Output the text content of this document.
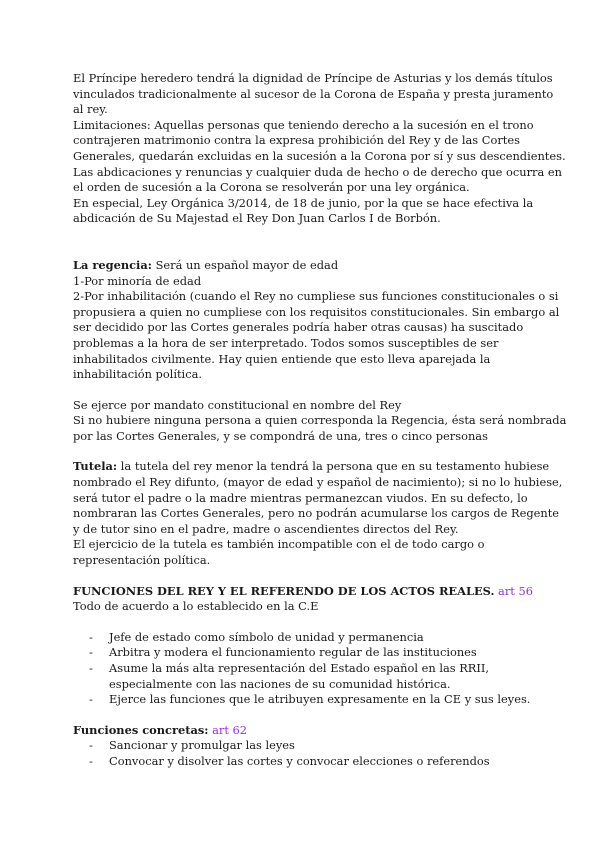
El Príncipe heredero tendrá la dignidad de Príncipe de Asturias y los demás títulos
vinculados tradicionalmente al sucesor de la Corona de España y presta juramento
al rey.
Limitaciones: Aquellas personas que teniendo derecho a la sucesión en el trono
contrajeren matrimonio contra la expresa prohibición del Rey y de las Cortes
Generales, quedarán excluidas en la sucesión a la Corona por sí y sus descendientes.
Las abdicaciones y renuncias y cualquier duda de hecho o de derecho que ocurra en
el orden de sucesión a la Corona se resolverán por una ley orgánica.
En especial, Ley Orgánica 3/2014, de 18 de junio, por la que se hace efectiva la
abdicación de Su Majestad el Rey Don Juan Carlos I de Borbón.
La regencia: Será un español mayor de edad
1-Por minoría de edad
2-Por inhabilitación (cuando el Rey no cumpliese sus funciones constitucionales o si
propusiera a quien no cumpliese con los requisitos constitucionales. Sin embargo al
ser decidido por las Cortes generales podría haber otras causas) ha suscitado
problemas a la hora de ser interpretado. Todos somos susceptibles de ser
inhabilitados civilmente. Hay quien entiende que esto lleva aparejada la
inhabilitación política.
Se ejerce por mandato constitucional en nombre del Rey
Si no hubiere ninguna persona a quien corresponda la Regencia, ésta será nombrada
por las Cortes Generales, y se compondrá de una, tres o cinco personas
Tutela: la tutela del rey menor la tendrá la persona que en su testamento hubiese
nombrado el Rey difunto, (mayor de edad y español de nacimiento); si no lo hubiese,
será tutor el padre o la madre mientras permanezcan viudos. En su defecto, lo
nombraran las Cortes Generales, pero no podrán acumularse los cargos de Regente
y de tutor sino en el padre, madre o ascendientes directos del Rey.
El ejercicio de la tutela es también incompatible con el de todo cargo o
representación política.
FUNCIONES DEL REY Y EL REFERENDO DE LOS ACTOS REALES. art 56
Todo de acuerdo a lo establecido en la C.E
- Jefe de estado como símbolo de unidad y permanencia
- Arbitra y modera el funcionamiento regular de las instituciones
- Asume la más alta representación del Estado español en las RRII,
especialmente con las naciones de su comunidad histórica.
- Ejerce las funciones que le atribuyen expresamente en la CE y sus leyes.
Funciones concretas: art 62
- Sancionar y promulgar las leyes
- Convocar y disolver las cortes y convocar elecciones o referendos
